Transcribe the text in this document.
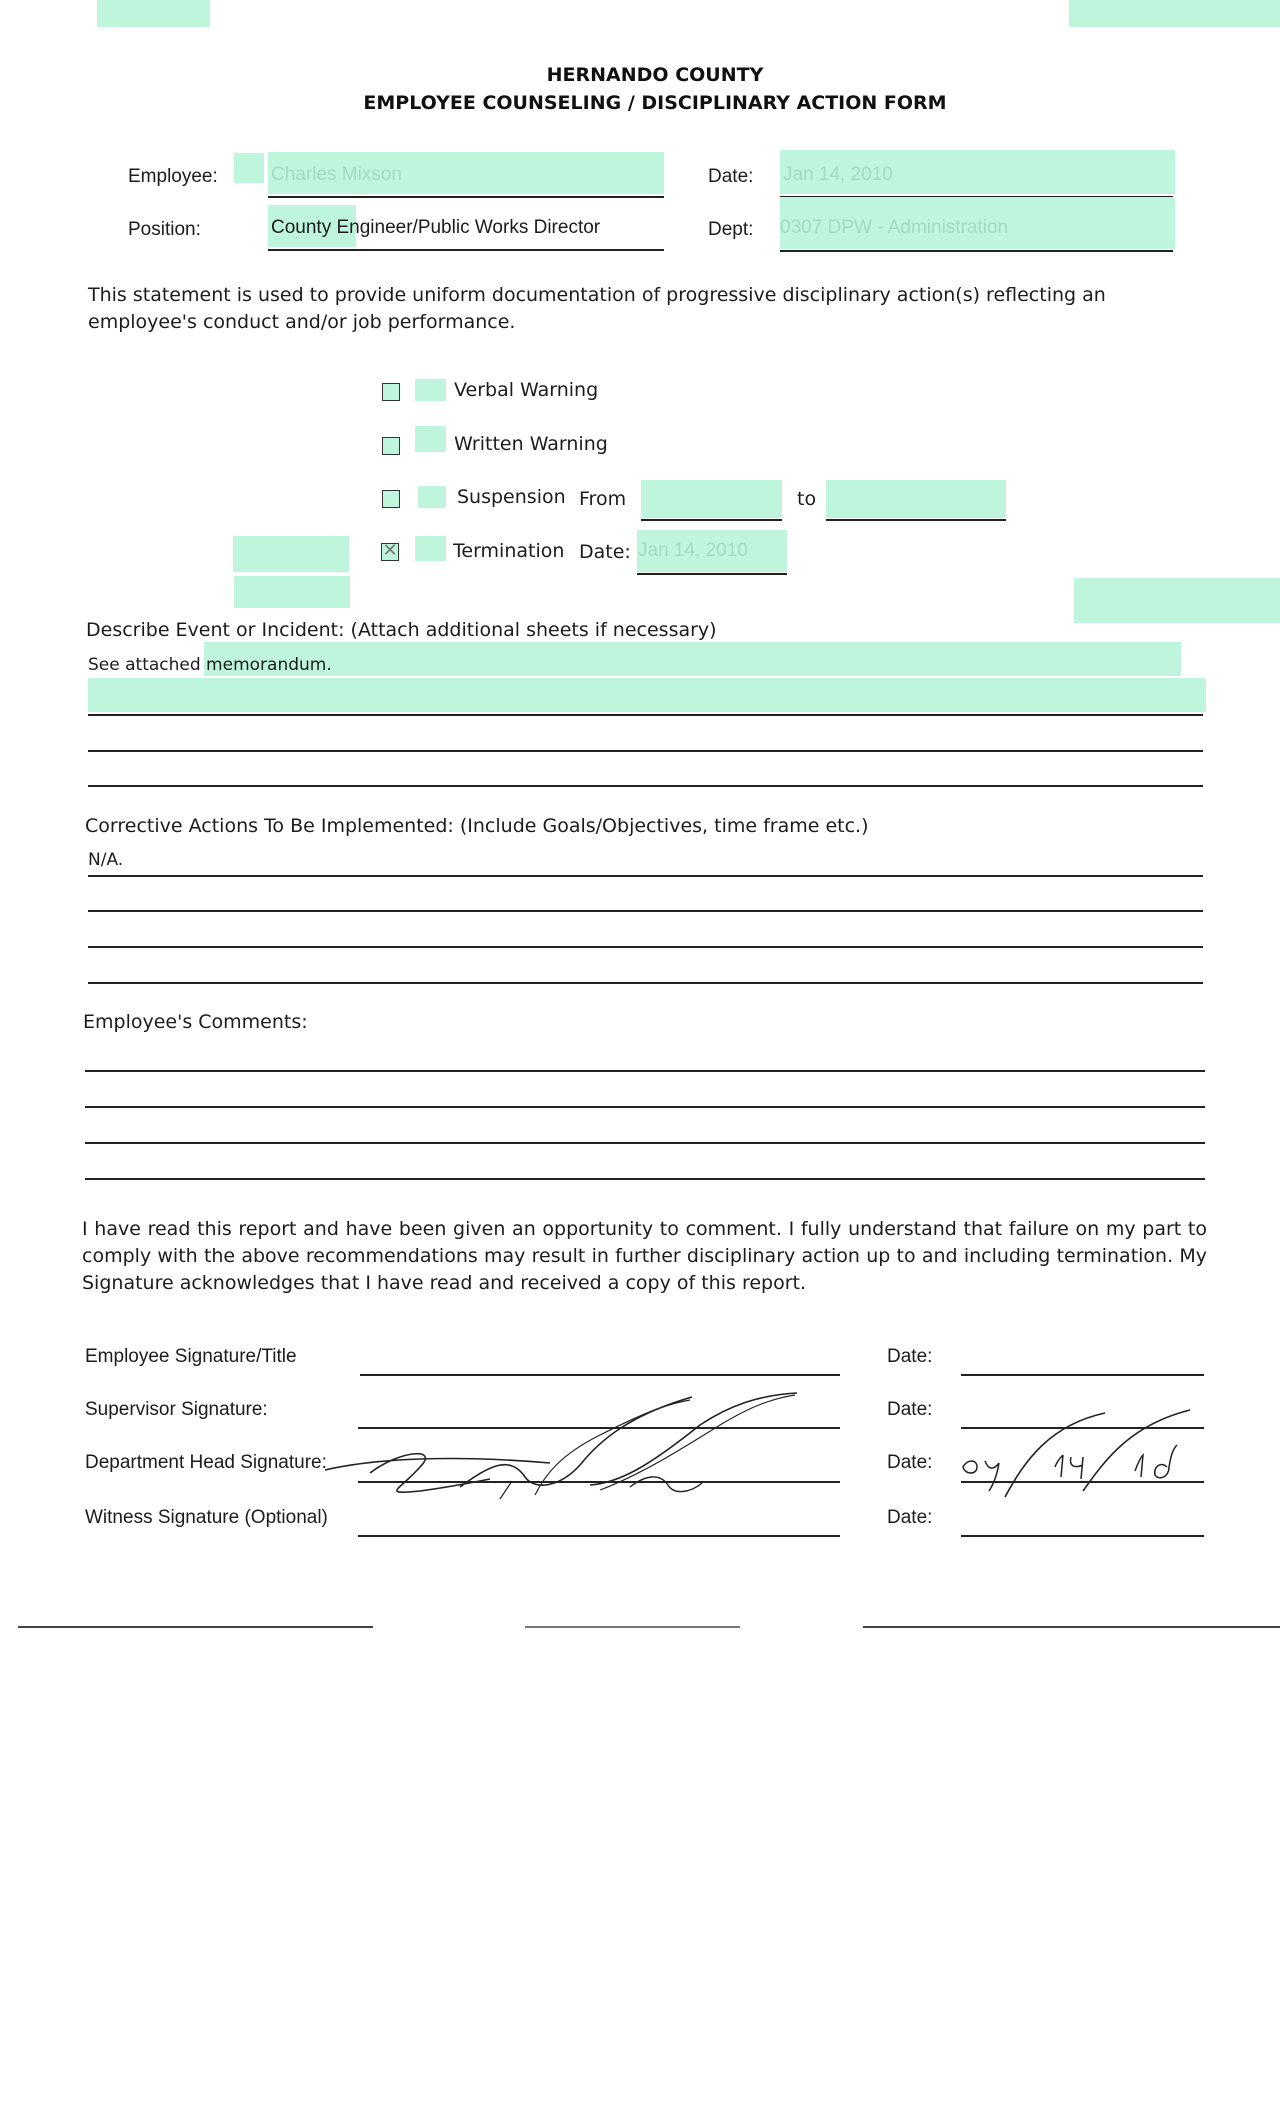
HERNANDO COUNTY
EMPLOYEE COUNSELING / DISCIPLINARY ACTION FORM
Employee:	Charles Mixson	Date: Jan 14, 2010
Position:	County Engineer/Public Works Director	Dept: 0307 DPW - Administration
This statement is used to provide uniform documentation of progressive disciplinary action(s) reflecting an employee's conduct and/or job performance.
Verbal Warning
Written Warning
Suspension From	to
✕	Termination Date: Jan 14, 2010
Describe Event or Incident: (Attach additional sheets if necessary)
See attached memorandum.
Corrective Actions To Be Implemented: (Include Goals/Objectives, time frame etc.)
N/A.
Employee's Comments:
I have read this report and have been given an opportunity to comment. I fully understand that failure on my part to comply with the above recommendations may result in further disciplinary action up to and including termination. My Signature acknowledges that I have read and received a copy of this report.
Employee Signature/Title	Date:
Supervisor Signature:	Date:
Department Head Signature:	Date:
Witness Signature (Optional)	Date:
